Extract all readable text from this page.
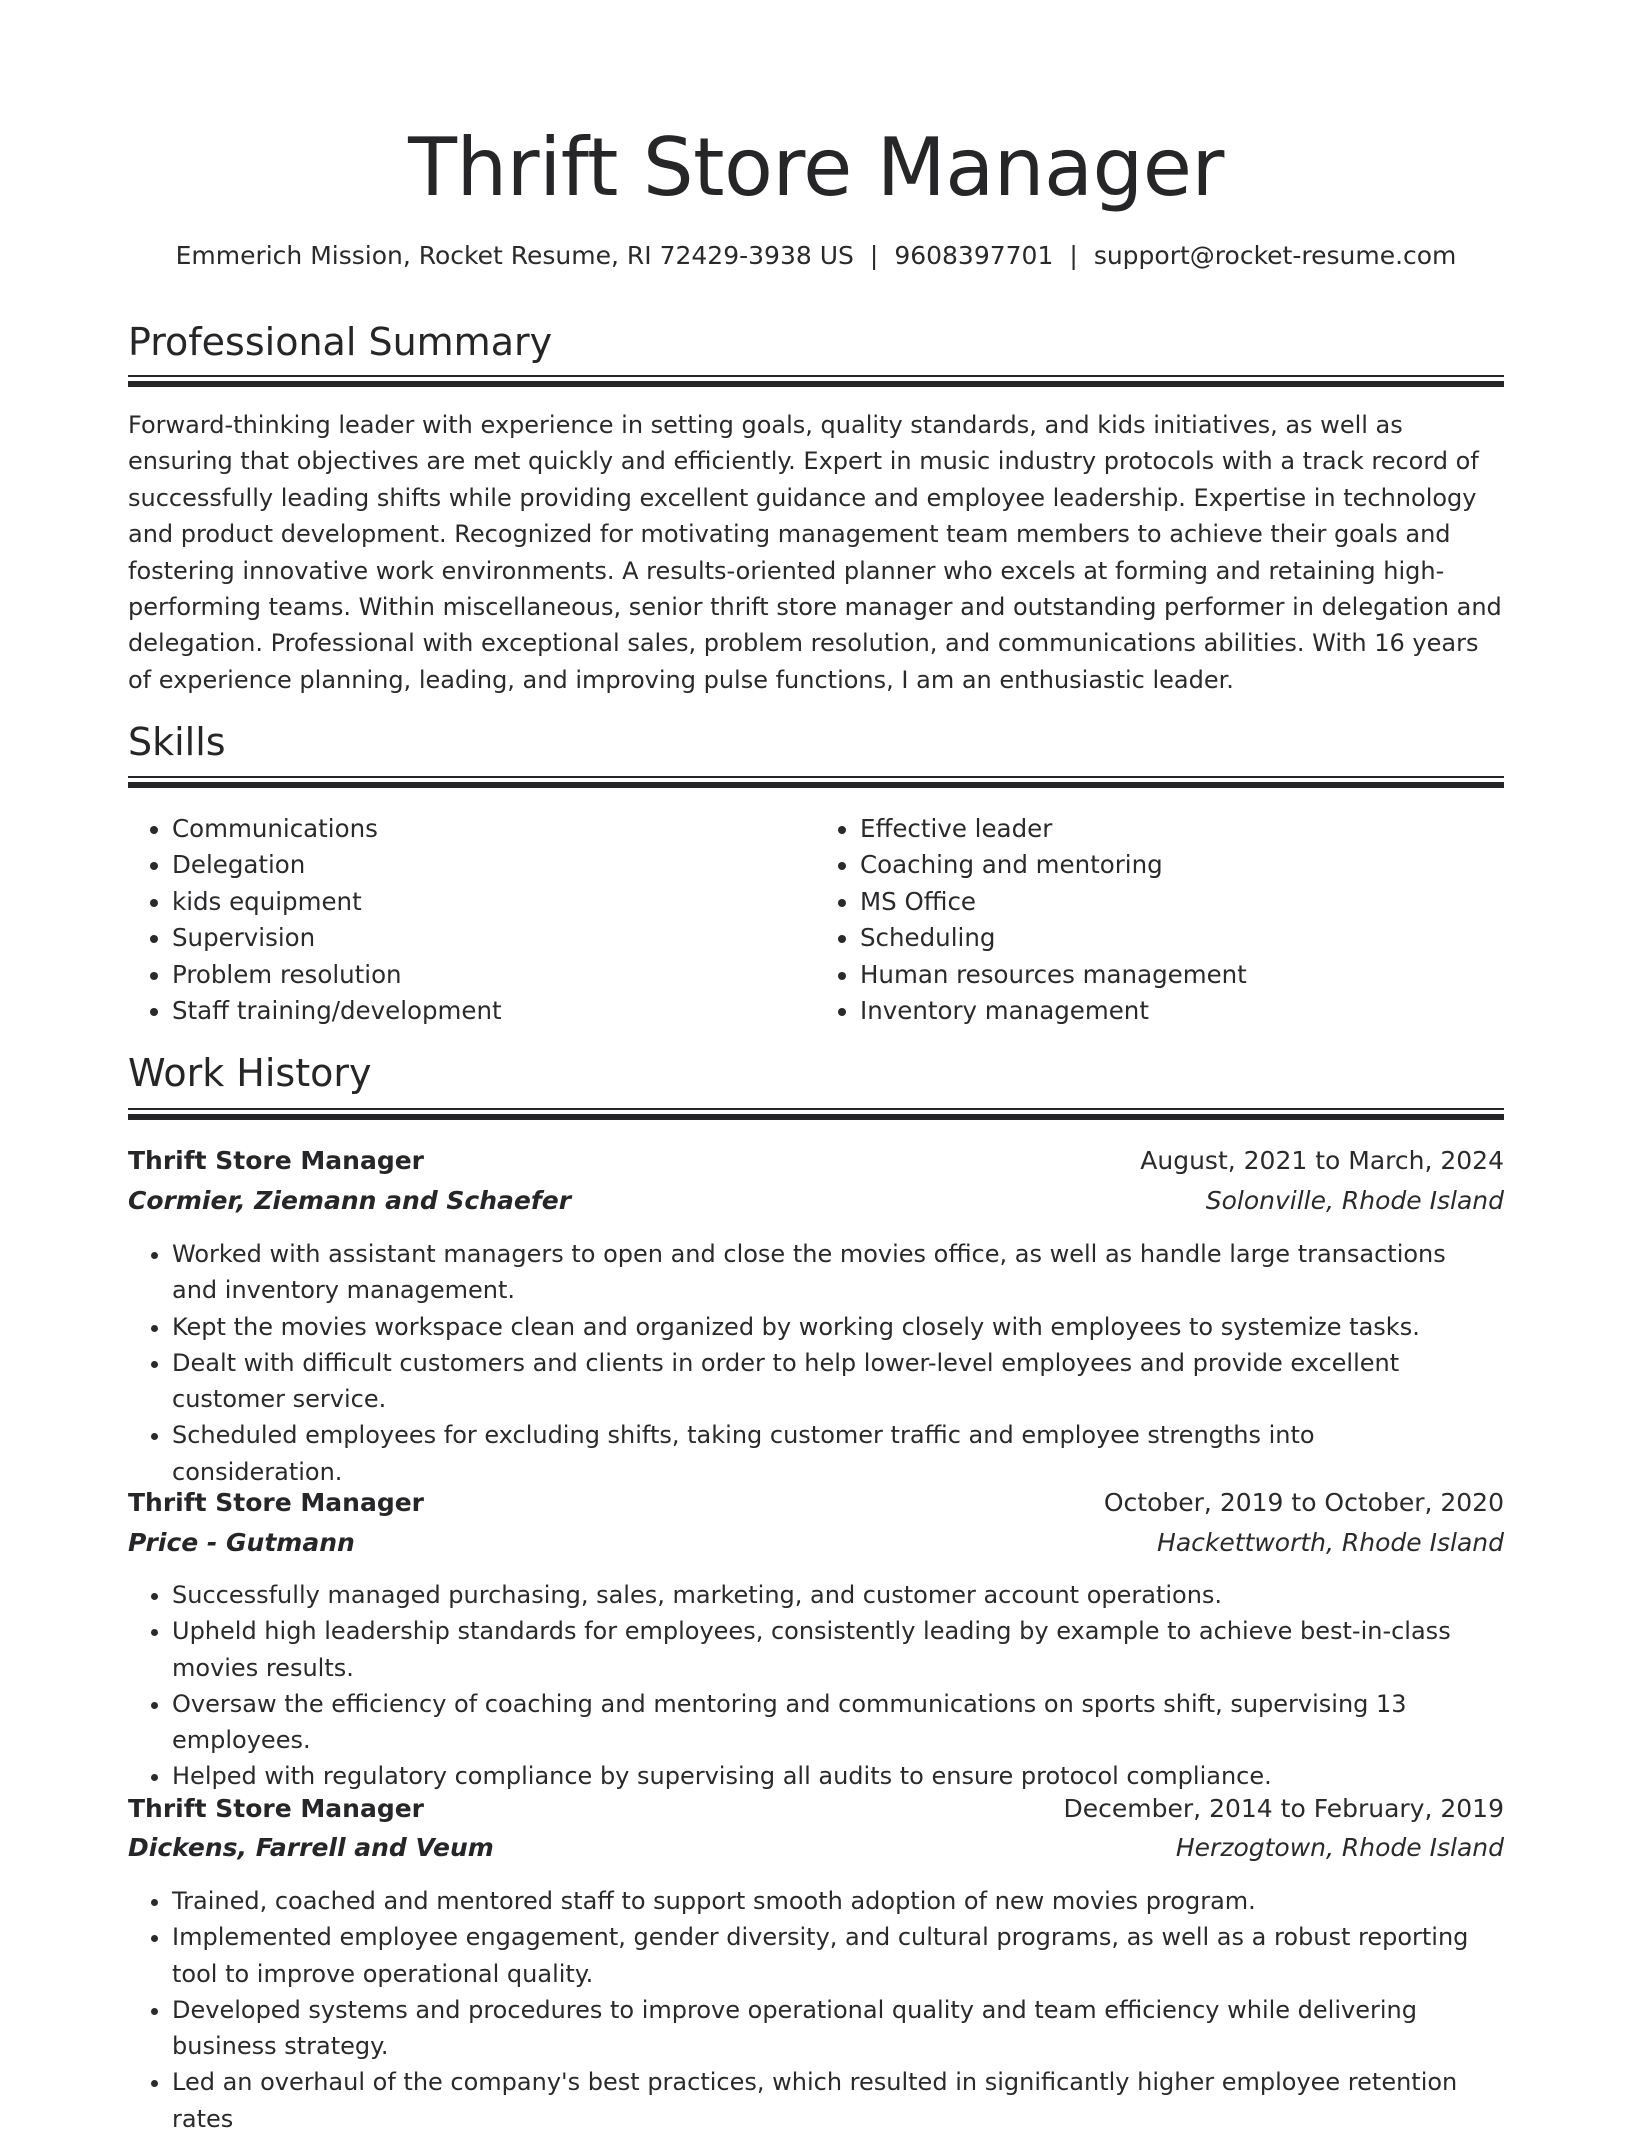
Thrift Store Manager
Emmerich Mission, Rocket Resume, RI 72429-3938 US | 9608397701 | support@rocket-resume.com
Professional Summary

Forward-thinking leader with experience in setting goals, quality standards, and kids initiatives, as well as ensuring that objectives are met quickly and efficiently. Expert in music industry protocols with a track record of successfully leading shifts while providing excellent guidance and employee leadership. Expertise in technology and product development. Recognized for motivating management team members to achieve their goals and fostering innovative work environments. A results-oriented planner who excels at forming and retaining high-performing teams. Within miscellaneous, senior thrift store manager and outstanding performer in delegation and delegation. Professional with exceptional sales, problem resolution, and communications abilities. With 16 years of experience planning, leading, and improving pulse functions, I am an enthusiastic leader.

Skills
• Communications
• Delegation
• kids equipment
• Supervision
• Problem resolution
• Staff training/development
• Effective leader
• Coaching and mentoring
• MS Office
• Scheduling
• Human resources management
• Inventory management
Work History
Thrift Store Manager	August, 2021 to March, 2024
Cormier, Ziemann and Schaefer	Solonville, Rhode Island
• Worked with assistant managers to open and close the movies office, as well as handle large transactions and inventory management.
• Kept the movies workspace clean and organized by working closely with employees to systemize tasks.
• Dealt with difficult customers and clients in order to help lower-level employees and provide excellent customer service.
• Scheduled employees for excluding shifts, taking customer traffic and employee strengths into consideration.
Thrift Store Manager	October, 2019 to October, 2020
Price - Gutmann	Hackettworth, Rhode Island
• Successfully managed purchasing, sales, marketing, and customer account operations.
• Upheld high leadership standards for employees, consistently leading by example to achieve best-in-class movies results.
• Oversaw the efficiency of coaching and mentoring and communications on sports shift, supervising 13 employees.
• Helped with regulatory compliance by supervising all audits to ensure protocol compliance.
Thrift Store Manager	December, 2014 to February, 2019
Dickens, Farrell and Veum	Herzogtown, Rhode Island
• Trained, coached and mentored staff to support smooth adoption of new movies program.
• Implemented employee engagement, gender diversity, and cultural programs, as well as a robust reporting tool to improve operational quality.
• Developed systems and procedures to improve operational quality and team efficiency while delivering business strategy.
• Led an overhaul of the company's best practices, which resulted in significantly higher employee retention rates
